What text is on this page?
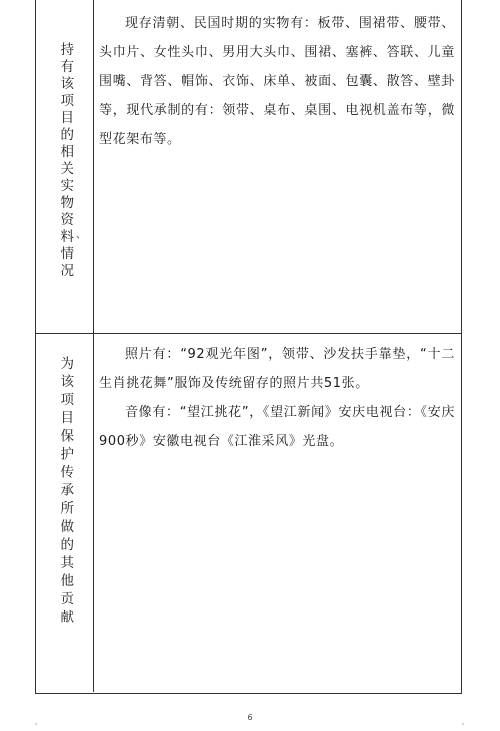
持有该项目的相关实物资料情况 、

现存清朝、民国时期的实物有：板带、围裙带、腰带、头巾片、女性头巾、男用大头巾、围裙、塞裤、答联、儿童围嘴、背答、帽饰、衣饰、床单、被面、包囊、散答、壁卦等，现代承制的有：领带、桌布、桌围、电视机盖布等，微型花架布等。

为该项目保护传承所做的其他贡献

照片有：“92观光年图”，领带、沙发扶手靠垫，“十二生肖挑花舞”服饰及传统留存的照片共51张。

音像有：“望江挑花”，《望江新闻》安庆电视台：《安庆900秒》安徽电视台《江淮采风》光盘。

6
'	'
